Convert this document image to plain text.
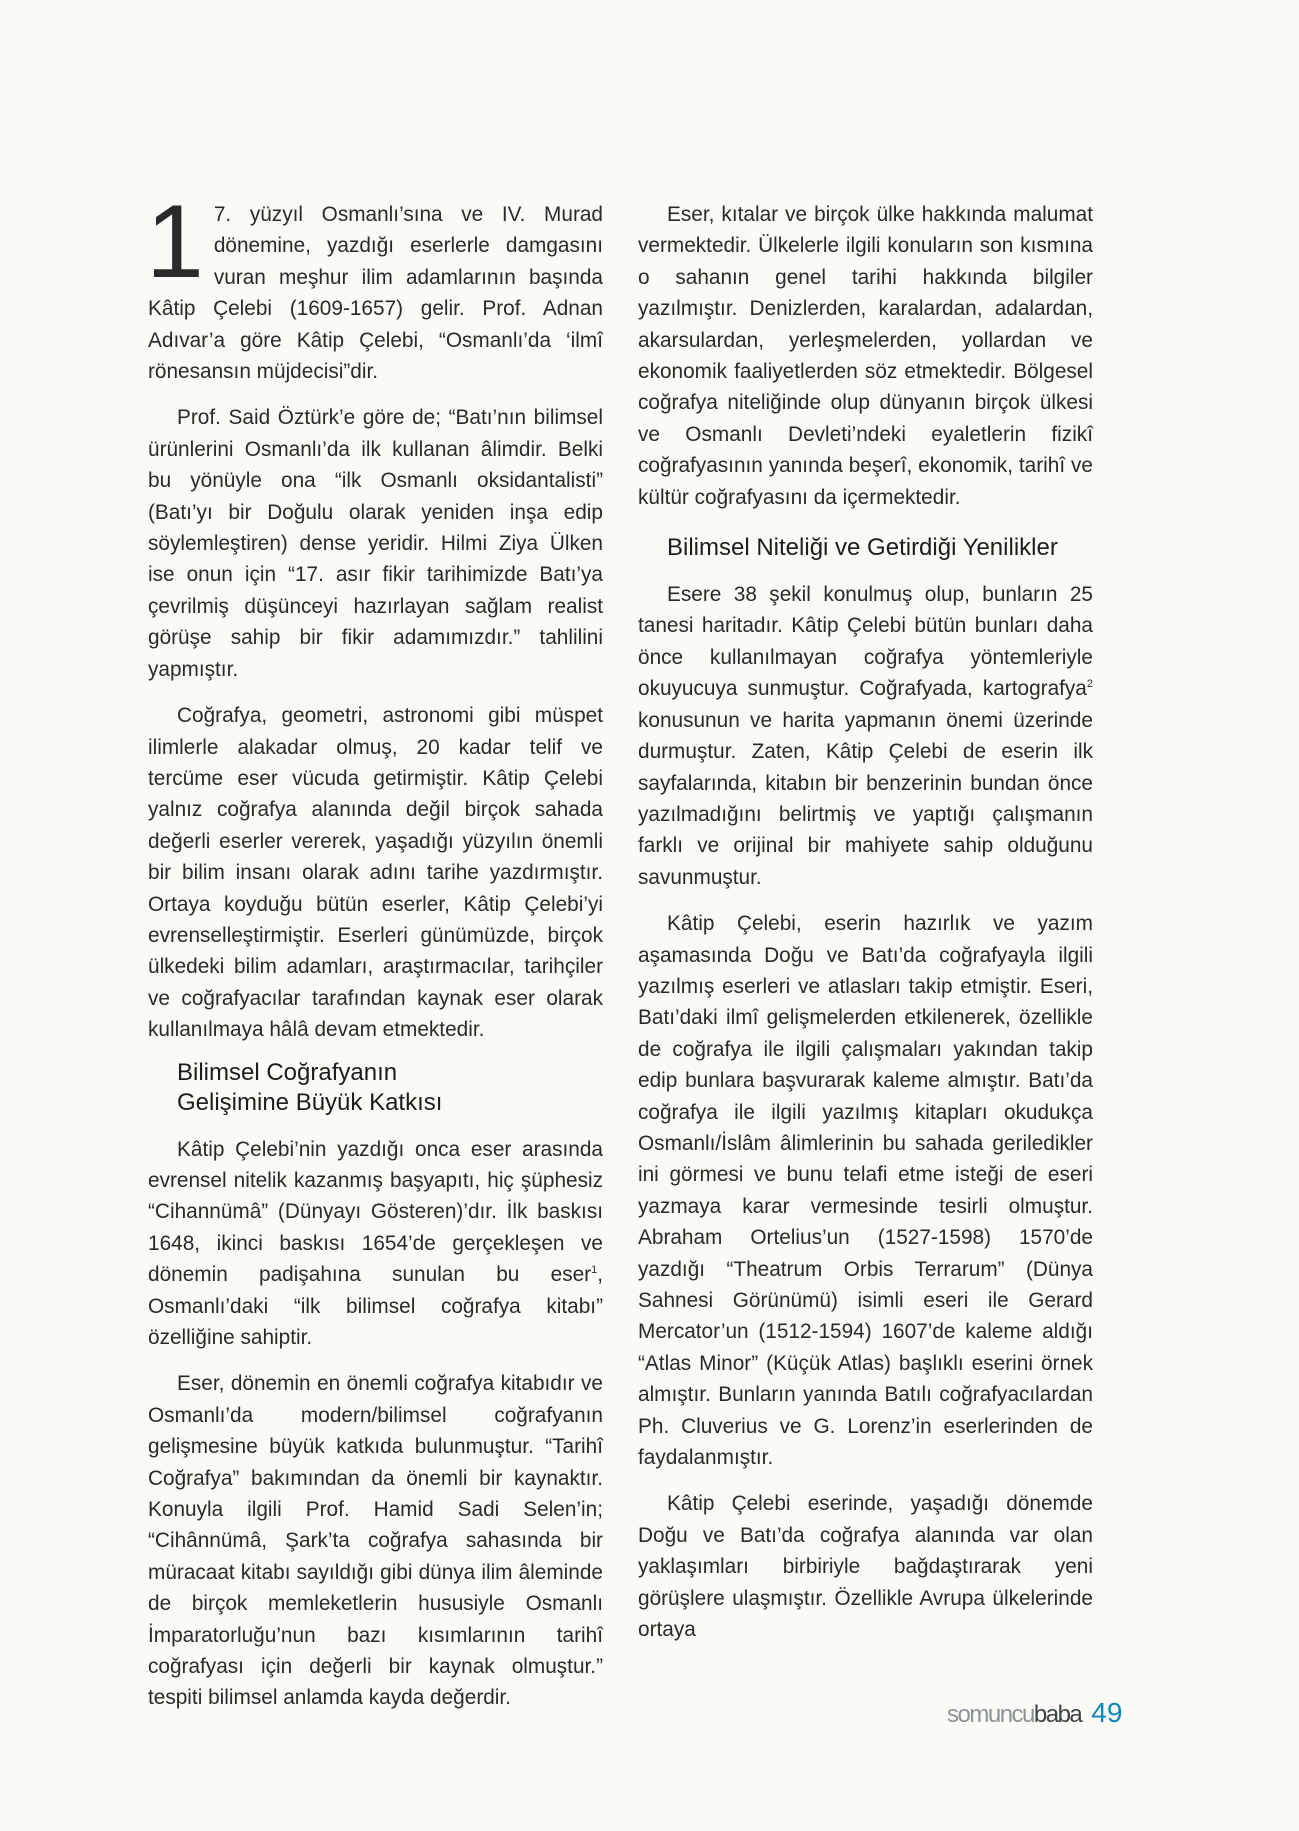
1 7. yüzyıl Osmanlı’sına ve IV. Murad dönemine, yazdığı eserlerle damgasını vuran meşhur ilim adamlarının başında Kâtip Çelebi (1609-1657) gelir. Prof. Adnan Adıvar’a göre Kâtip Çelebi, “Osmanlı’da ‘ilmî rönesansın müjdecisi”dir.

Prof. Said Öztürk’e göre de; “Batı’nın bilimsel ürünlerini Osmanlı’da ilk kullanan âlimdir. Belki bu yönüyle ona “ilk Osmanlı oksidantalisti” (Batı’yı bir Doğulu olarak yeniden inşa edip söylemleştiren) dense yeridir. Hilmi Ziya Ülken ise onun için “17. asır fikir tarihimizde Batı’ya çevrilmiş düşünceyi hazırlayan sağlam realist görüşe sahip bir fikir adamımızdır.” tahlilini yapmıştır.

Coğrafya, geometri, astronomi gibi müspet ilimlerle alakadar olmuş, 20 kadar telif ve tercüme eser vücuda getirmiştir. Kâtip Çelebi yalnız coğrafya alanında değil birçok sahada değerli eserler vererek, yaşadığı yüzyılın önemli bir bilim insanı olarak adını tarihe yazdırmıştır. Ortaya koyduğu bütün eserler, Kâtip Çelebi’yi evrenselleştirmiştir. Eserleri günümüzde, birçok ülkedeki bilim adamları, araştırmacılar, tarihçiler ve coğrafyacılar tarafından kaynak eser olarak kullanılmaya hâlâ devam etmektedir.

Bilimsel Coğrafyanın
Gelişimine Büyük Katkısı

Kâtip Çelebi’nin yazdığı onca eser arasında evrensel nitelik kazanmış başyapıtı, hiç şüphesiz “Cihannümâ” (Dünyayı Gösteren)’dır. İlk baskısı 1648, ikinci baskısı 1654’de gerçekleşen ve dönemin padişahına sunulan bu eser$^1$, Osmanlı’daki “ilk bilimsel coğrafya kitabı” özelliğine sahiptir.

Eser, dönemin en önemli coğrafya kitabıdır ve Osmanlı’da modern/bilimsel coğrafyanın gelişmesine büyük katkıda bulunmuştur. “Tarihî Coğrafya” bakımından da önemli bir kaynaktır. Konuyla ilgili Prof. Hamid Sadi Selen’in; “Cihânnümâ, Şark’ta coğrafya sahasında bir müracaat kitabı sayıldığı gibi dünya ilim âleminde de birçok memleketlerin hususiyle Osmanlı İmparatorluğu’nun bazı kısımlarının tarihî coğrafyası için değerli bir kaynak olmuştur.” tespiti bilimsel anlamda kayda değerdir.

Eser, kıtalar ve birçok ülke hakkında malumat vermektedir. Ülkelerle ilgili konuların son kısmına o sahanın genel tarihi hakkında bilgiler yazılmıştır. Denizlerden, karalardan, adalardan, akarsulardan, yerleşmelerden, yollardan ve ekonomik faaliyetlerden söz etmektedir. Bölgesel coğrafya niteliğinde olup dünyanın birçok ülkesi ve Osmanlı Devleti’ndeki eyaletlerin fizikî coğrafyasının yanında beşerî, ekonomik, tarihî ve kültür coğrafyasını da içermektedir.

Bilimsel Niteliği ve Getirdiği Yenilikler

Esere 38 şekil konulmuş olup, bunların 25 tanesi haritadır. Kâtip Çelebi bütün bunları daha önce kullanılmayan coğrafya yöntemleriyle okuyucuya sunmuştur. Coğrafyada, kartografya$^2$ konusunun ve harita yapmanın önemi üzerinde durmuştur. Zaten, Kâtip Çelebi de eserin ilk sayfalarında, kitabın bir benzerinin bundan önce yazılmadığını belirtmiş ve yaptığı çalışmanın farklı ve orijinal bir mahiyete sahip olduğunu savunmuştur.

Kâtip Çelebi, eserin hazırlık ve yazım aşamasında Doğu ve Batı’da coğrafyayla ilgili yazılmış eserleri ve atlasları takip etmiştir. Eseri, Batı’daki ilmî gelişmelerden etkilenerek, özellikle de coğrafya ile ilgili çalışmaları yakından takip edip bunlara başvurarak kaleme almıştır. Batı’da coğrafya ile ilgili yazılmış kitapları okudukça Osmanlı/İslâm âlimlerinin bu sahada geriledikler ini görmesi ve bunu telafi etme isteği de eseri yazmaya karar vermesinde tesirli olmuştur. Abraham Ortelius’un (1527-1598) 1570’de yazdığı “Theatrum Orbis Terrarum” (Dünya Sahnesi Görünümü) isimli eseri ile Gerard Mercator’un (1512-1594) 1607’de kaleme aldığı “Atlas Minor” (Küçük Atlas) başlıklı eserini örnek almıştır. Bunların yanında Batılı coğrafyacılardan Ph. Cluverius ve G. Lorenz’in eserlerinden de faydalanmıştır.

Kâtip Çelebi eserinde, yaşadığı dönemde Doğu ve Batı’da coğrafya alanında var olan yaklaşımları birbiriyle bağdaştırarak yeni görüşlere ulaşmıştır. Özellikle Avrupa ülkelerinde ortaya

somuncu baba 49
